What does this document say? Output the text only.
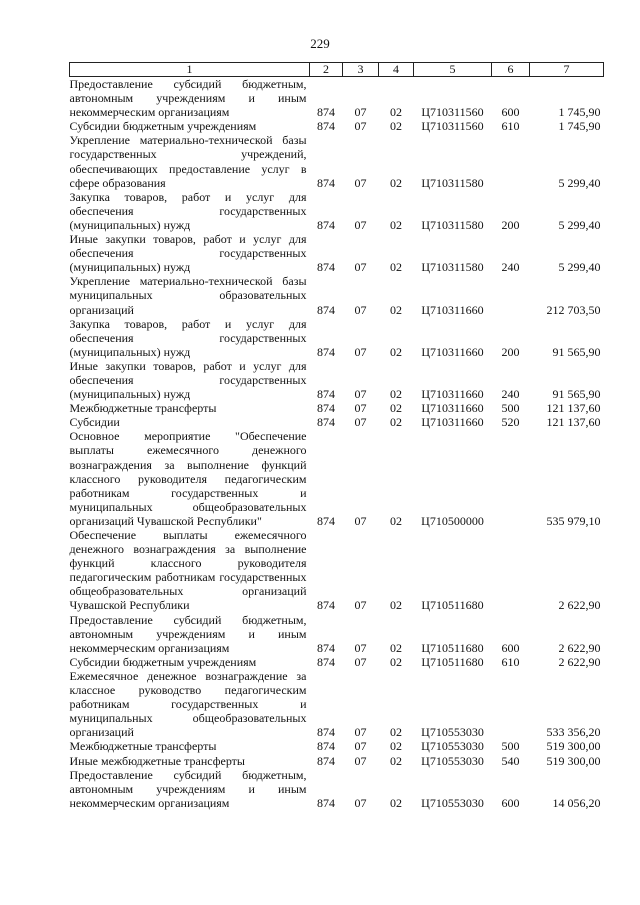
229
1	2	3	4	5	6	7
Предоставление субсидий бюджетным, автономным учреждениям и иным некоммерческим организациям	874	07	02	Ц710311560	600	1 745,90
Субсидии бюджетным учреждениям	874	07	02	Ц710311560	610	1 745,90
Укрепление материально-технической базы государственных учреждений, обеспечивающих предоставление услуг в сфере образования	874	07	02	Ц710311580		5 299,40
Закупка товаров, работ и услуг для обеспечения государственных (муниципальных) нужд	874	07	02	Ц710311580	200	5 299,40
Иные закупки товаров, работ и услуг для обеспечения государственных (муниципальных) нужд	874	07	02	Ц710311580	240	5 299,40
Укрепление материально-технической базы муниципальных образовательных организаций	874	07	02	Ц710311660		212 703,50
Закупка товаров, работ и услуг для обеспечения государственных (муниципальных) нужд	874	07	02	Ц710311660	200	91 565,90
Иные закупки товаров, работ и услуг для обеспечения государственных (муниципальных) нужд	874	07	02	Ц710311660	240	91 565,90
Межбюджетные трансферты	874	07	02	Ц710311660	500	121 137,60
Субсидии	874	07	02	Ц710311660	520	121 137,60
Основное мероприятие "Обеспечение выплаты ежемесячного денежного вознаграждения за выполнение функций классного руководителя педагогическим работникам государственных и муниципальных общеобразовательных организаций Чувашской Республики"	874	07	02	Ц710500000		535 979,10
Обеспечение выплаты ежемесячного денежного вознаграждения за выполнение функций классного руководителя педагогическим работникам государственных общеобразовательных организаций Чувашской Республики	874	07	02	Ц710511680		2 622,90
Предоставление субсидий бюджетным, автономным учреждениям и иным некоммерческим организациям	874	07	02	Ц710511680	600	2 622,90
Субсидии бюджетным учреждениям	874	07	02	Ц710511680	610	2 622,90
Ежемесячное денежное вознаграждение за классное руководство педагогическим работникам государственных и муниципальных общеобразовательных организаций	874	07	02	Ц710553030		533 356,20
Межбюджетные трансферты	874	07	02	Ц710553030	500	519 300,00
Иные межбюджетные трансферты	874	07	02	Ц710553030	540	519 300,00
Предоставление субсидий бюджетным, автономным учреждениям и иным некоммерческим организациям	874	07	02	Ц710553030	600	14 056,20
